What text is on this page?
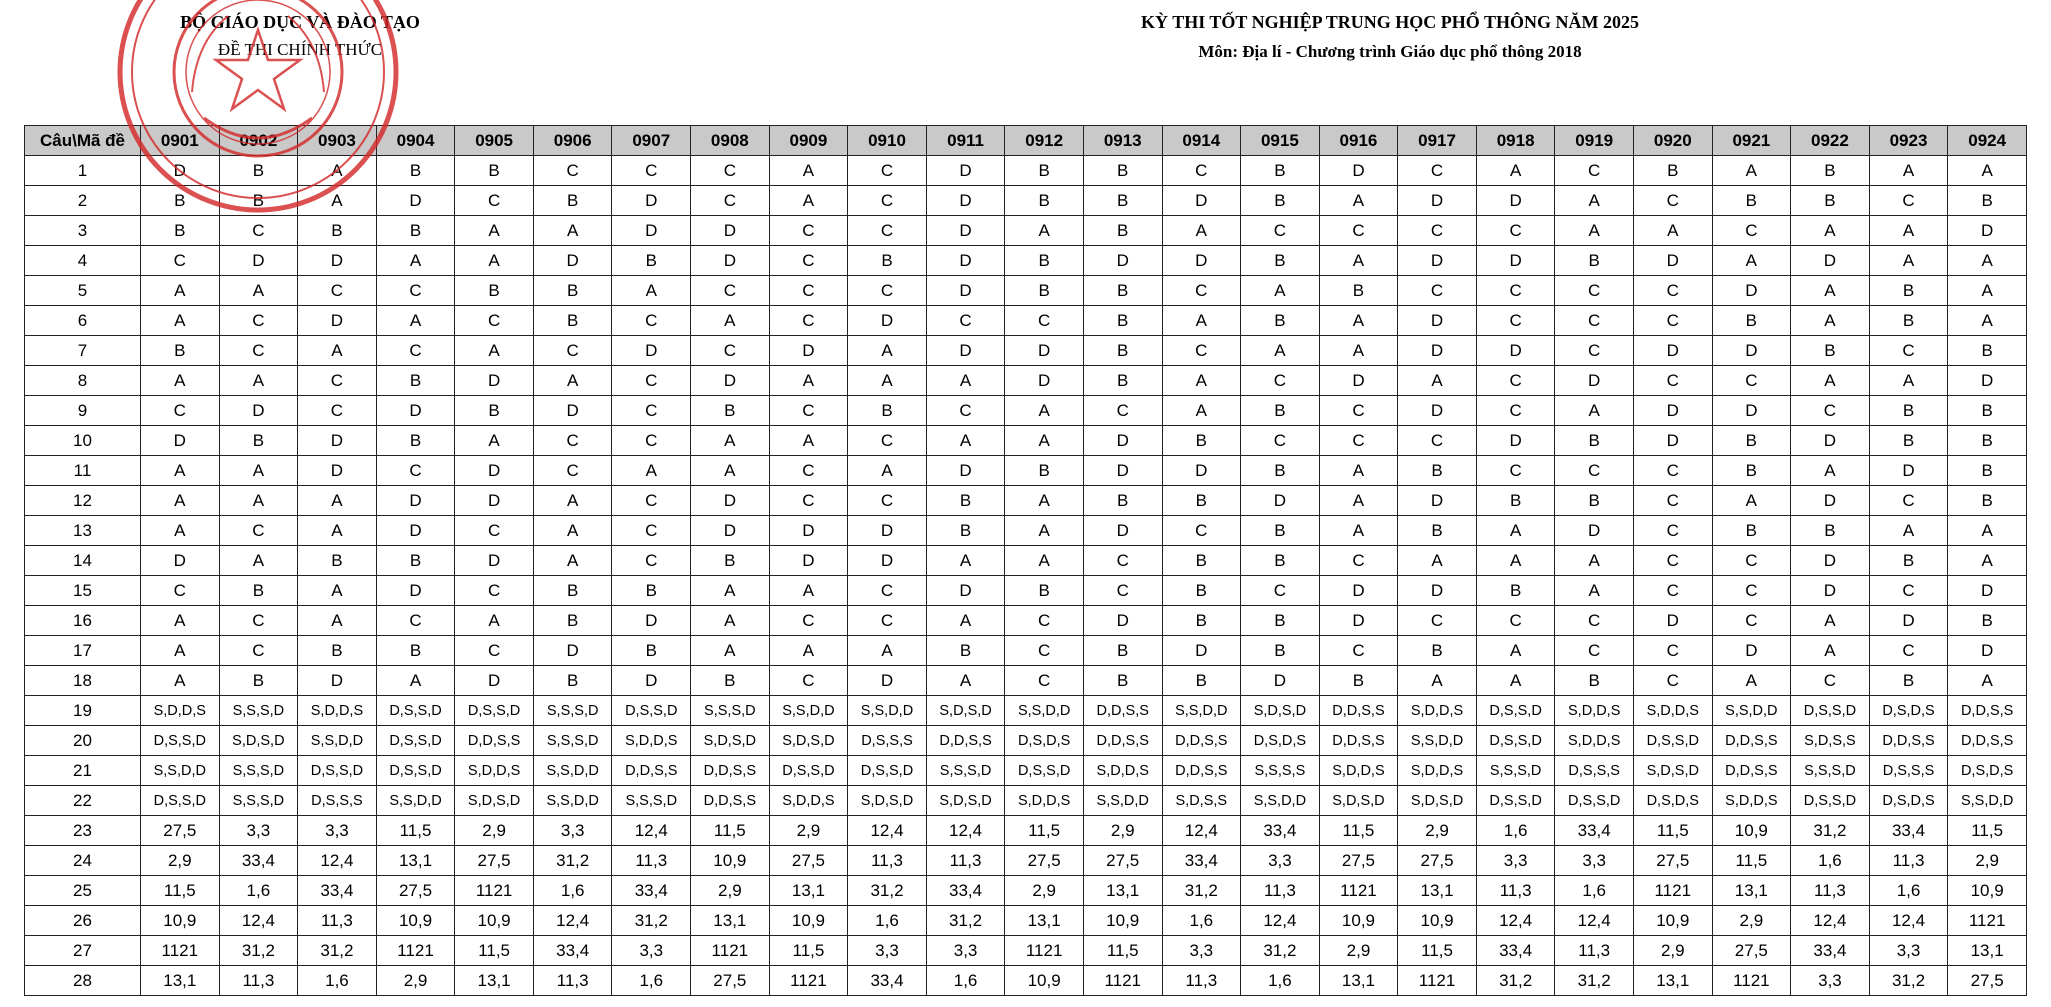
BỘ GIÁO DỤC VÀ ĐÀO TẠO
ĐỀ THI CHÍNH THỨC
KỲ THI TỐT NGHIỆP TRUNG HỌC PHỔ THÔNG NĂM 2025
Môn: Địa lí - Chương trình Giáo dục phổ thông 2018
Câu\Mã đề	0901	0902	0903	0904	0905	0906	0907	0908	0909	0910	0911	0912	0913	0914	0915	0916	0917	0918	0919	0920	0921	0922	0923	0924
1	D	B	A	B	B	C	C	C	A	C	D	B	B	C	B	D	C	A	C	B	A	B	A	A
2	B	B	A	D	C	B	D	C	A	C	D	B	B	D	B	A	D	D	A	C	B	B	C	B
3	B	C	B	B	A	A	D	D	C	C	D	A	B	A	C	C	C	C	A	A	C	A	A	D
4	C	D	D	A	A	D	B	D	C	B	D	B	D	D	B	A	D	D	B	D	A	D	A	A
5	A	A	C	C	B	B	A	C	C	C	D	B	B	C	A	B	C	C	C	C	D	A	B	A
6	A	C	D	A	C	B	C	A	C	D	C	C	B	A	B	A	D	C	C	C	B	A	B	A
7	B	C	A	C	A	C	D	C	D	A	D	D	B	C	A	A	D	D	C	D	D	B	C	B
8	A	A	C	B	D	A	C	D	A	A	A	D	B	A	C	D	A	C	D	C	C	A	A	D
9	C	D	C	D	B	D	C	B	C	B	C	A	C	A	B	C	D	C	A	D	D	C	B	B
10	D	B	D	B	A	C	C	A	A	C	A	A	D	B	C	C	C	D	B	D	B	D	B	B
11	A	A	D	C	D	C	A	A	C	A	D	B	D	D	B	A	B	C	C	C	B	A	D	B
12	A	A	A	D	D	A	C	D	C	C	B	A	B	B	D	A	D	B	B	C	A	D	C	B
13	A	C	A	D	C	A	C	D	D	D	B	A	D	C	B	A	B	A	D	C	B	B	A	A
14	D	A	B	B	D	A	C	B	D	D	A	A	C	B	B	C	A	A	A	C	C	D	B	A
15	C	B	A	D	C	B	B	A	A	C	D	B	C	B	C	D	D	B	A	C	C	D	C	D
16	A	C	A	C	A	B	D	A	C	C	A	C	D	B	B	D	C	C	C	D	C	A	D	B
17	A	C	B	B	C	D	B	A	A	A	B	C	B	D	B	C	B	A	C	C	D	A	C	D
18	A	B	D	A	D	B	D	B	C	D	A	C	B	B	D	B	A	A	B	C	A	C	B	A
19	S,D,D,S	S,S,S,D	S,D,D,S	D,S,S,D	D,S,S,D	S,S,S,D	D,S,S,D	S,S,S,D	S,S,D,D	S,S,D,D	S,D,S,D	S,S,D,D	D,D,S,S	S,S,D,D	S,D,S,D	D,D,S,S	S,D,D,S	D,S,S,D	S,D,D,S	S,D,D,S	S,S,D,D	D,S,S,D	D,S,D,S	D,D,S,S
20	D,S,S,D	S,D,S,D	S,S,D,D	D,S,S,D	D,D,S,S	S,S,S,D	S,D,D,S	S,D,S,D	S,D,S,D	D,S,S,S	D,D,S,S	D,S,D,S	D,D,S,S	D,D,S,S	D,S,D,S	D,D,S,S	S,S,D,D	D,S,S,D	S,D,D,S	D,S,S,D	D,D,S,S	S,D,S,S	D,D,S,S	D,D,S,S
21	S,S,D,D	S,S,S,D	D,S,S,D	D,S,S,D	S,D,D,S	S,S,D,D	D,D,S,S	D,D,S,S	D,S,S,D	D,S,S,D	S,S,S,D	D,S,S,D	S,D,D,S	D,D,S,S	S,S,S,S	S,D,D,S	S,D,D,S	S,S,S,D	D,S,S,S	S,D,S,D	D,D,S,S	S,S,S,D	D,S,S,S	D,S,D,S
22	D,S,S,D	S,S,S,D	D,S,S,S	S,S,D,D	S,D,S,D	S,S,D,D	S,S,S,D	D,D,S,S	S,D,D,S	S,D,S,D	S,D,S,D	S,D,D,S	S,S,D,D	S,D,S,S	S,S,D,D	S,D,S,D	S,D,S,D	D,S,S,D	D,S,S,D	D,S,D,S	S,D,D,S	D,S,S,D	D,S,D,S	S,S,D,D
23	27,5	3,3	3,3	11,5	2,9	3,3	12,4	11,5	2,9	12,4	12,4	11,5	2,9	12,4	33,4	11,5	2,9	1,6	33,4	11,5	10,9	31,2	33,4	11,5
24	2,9	33,4	12,4	13,1	27,5	31,2	11,3	10,9	27,5	11,3	11,3	27,5	27,5	33,4	3,3	27,5	27,5	3,3	3,3	27,5	11,5	1,6	11,3	2,9
25	11,5	1,6	33,4	27,5	1121	1,6	33,4	2,9	13,1	31,2	33,4	2,9	13,1	31,2	11,3	1121	13,1	11,3	1,6	1121	13,1	11,3	1,6	10,9
26	10,9	12,4	11,3	10,9	10,9	12,4	31,2	13,1	10,9	1,6	31,2	13,1	10,9	1,6	12,4	10,9	10,9	12,4	12,4	10,9	2,9	12,4	12,4	1121
27	1121	31,2	31,2	1121	11,5	33,4	3,3	1121	11,5	3,3	3,3	1121	11,5	3,3	31,2	2,9	11,5	33,4	11,3	2,9	27,5	33,4	3,3	13,1
28	13,1	11,3	1,6	2,9	13,1	11,3	1,6	27,5	1121	33,4	1,6	10,9	1121	11,3	1,6	13,1	1121	31,2	31,2	13,1	1121	3,3	31,2	27,5
